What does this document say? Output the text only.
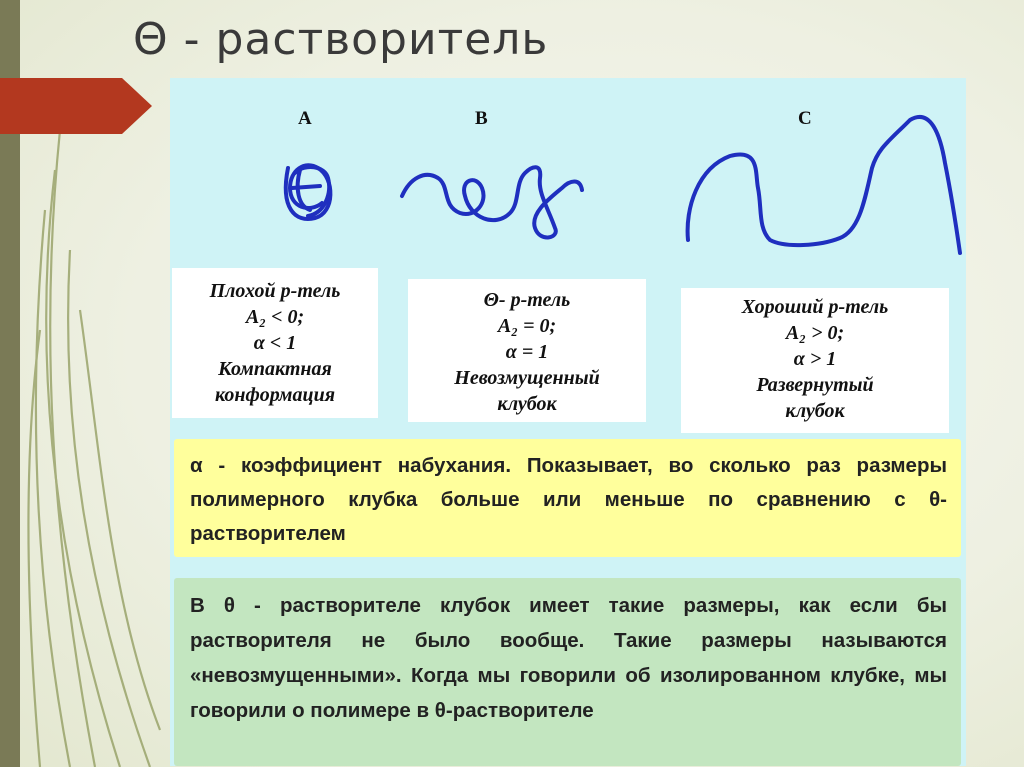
Θ - растворитель
A	B	C
Плохой р-тель
A₂ < 0;
α < 1
Компактная
конформация
Θ- р-тель
A₂ = 0;
α = 1
Невозмущенный
клубок
Хороший р-тель
A₂ > 0;
α > 1
Развернутый
клубок
α - коэффициент набухания. Показывает, во сколько раз размеры полимерного клубка больше или меньше по сравнению с θ-растворителем
В θ - растворителе клубок имеет такие размеры, как если бы растворителя не было вообще. Такие размеры называются «невозмущенными». Когда мы говорили об изолированном клубке, мы говорили о полимере в θ-растворителе
